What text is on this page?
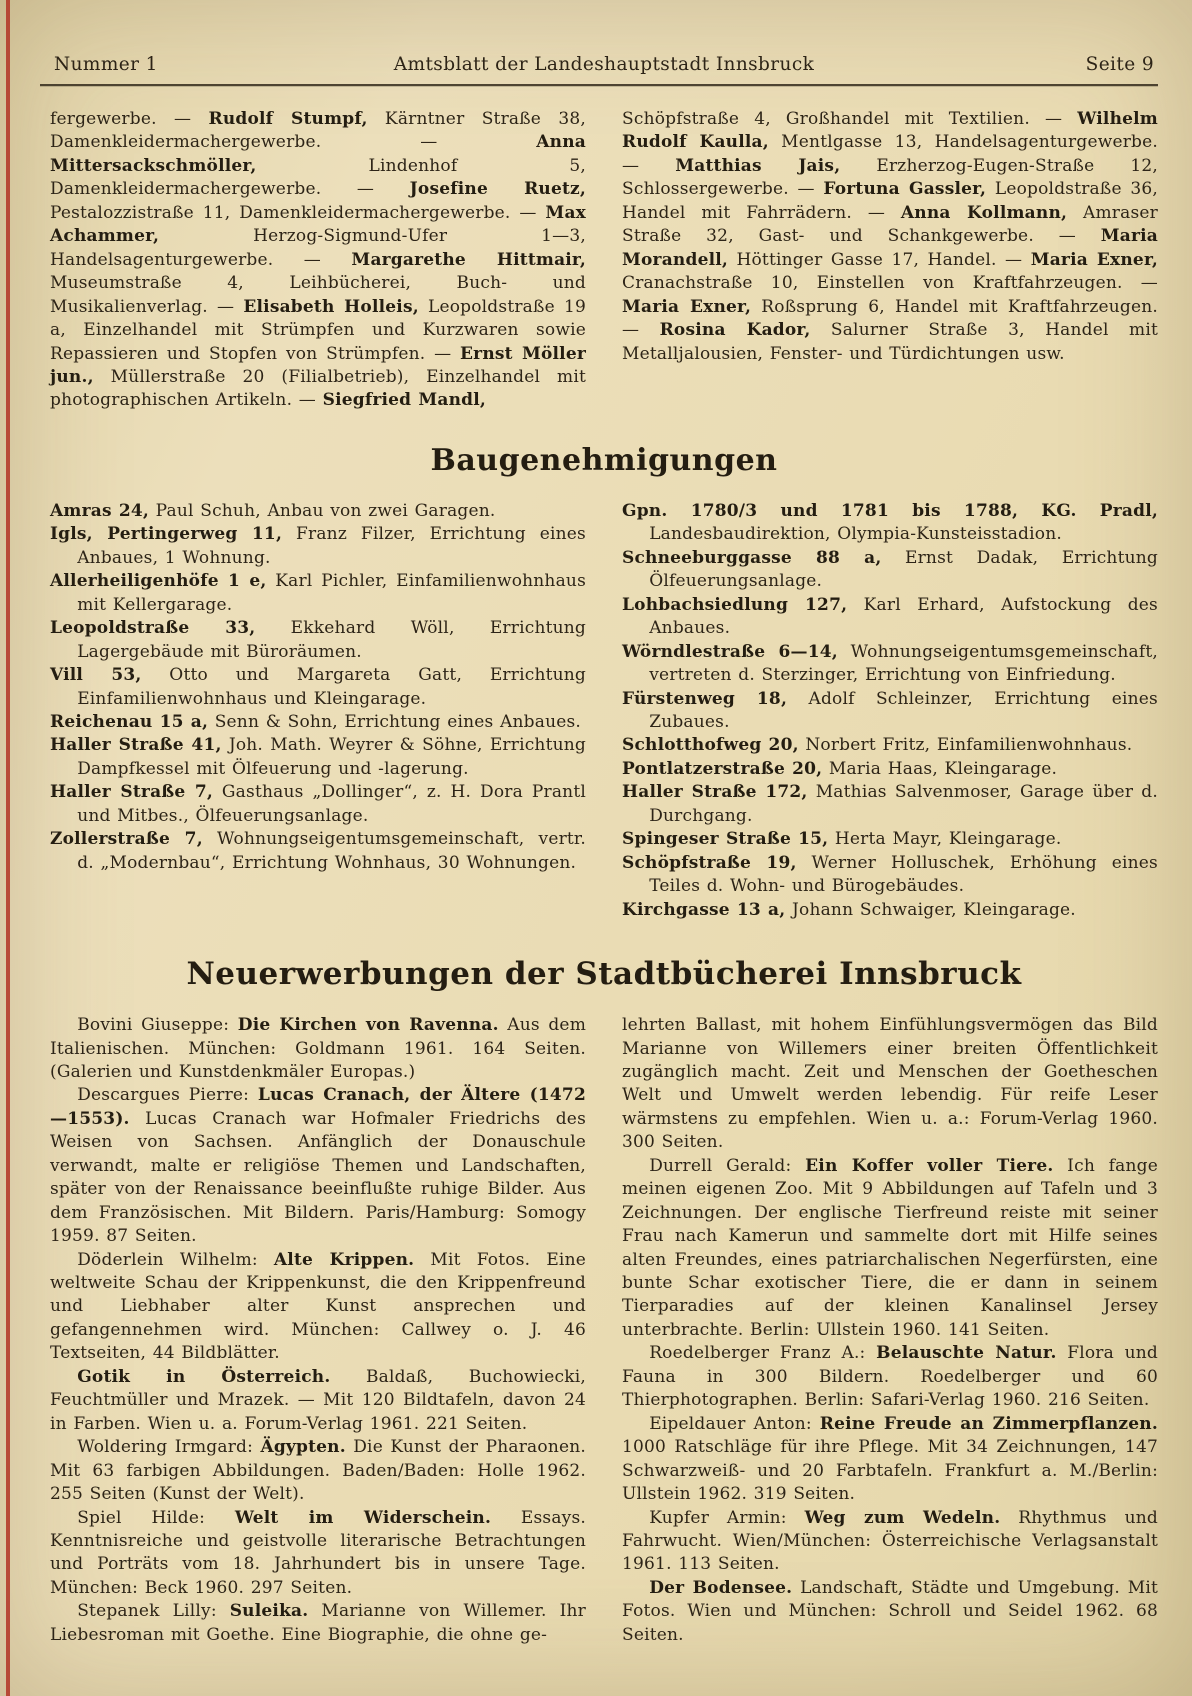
Nummer 1	Amtsblatt der Landeshauptstadt Innsbruck	Seite 9

fergewerbe. — Rudolf Stumpf, Kärntner Straße 38, Damenkleidermachergewerbe. — Anna Mittersackschmöller, Lindenhof 5, Damenkleidermachergewerbe. — Josefine Ruetz, Pestalozzistraße 11, Damenkleidermachergewerbe. — Max Achammer, Herzog-Sigmund-Ufer 1—3, Handelsagenturgewerbe. — Margarethe Hittmair, Museumstraße 4, Leihbücherei, Buch- und Musikalienverlag. — Elisabeth Holleis, Leopoldstraße 19 a, Einzelhandel mit Strümpfen und Kurzwaren sowie Repassieren und Stopfen von Strümpfen. — Ernst Möller jun., Müllerstraße 20 (Filialbetrieb), Einzelhandel mit photographischen Artikeln. — Siegfried Mandl,

Schöpfstraße 4, Großhandel mit Textilien. — Wilhelm Rudolf Kaulla, Mentlgasse 13, Handelsagenturgewerbe. — Matthias Jais, Erzherzog-Eugen-Straße 12, Schlossergewerbe. — Fortuna Gassler, Leopoldstraße 36, Handel mit Fahrrädern. — Anna Kollmann, Amraser Straße 32, Gast- und Schankgewerbe. — Maria Morandell, Höttinger Gasse 17, Handel. — Maria Exner, Cranachstraße 10, Einstellen von Kraftfahrzeugen. — Maria Exner, Roßsprung 6, Handel mit Kraftfahrzeugen. — Rosina Kador, Salurner Straße 3, Handel mit Metalljalousien, Fenster- und Türdichtungen usw.

Baugenehmigungen

Amras 24, Paul Schuh, Anbau von zwei Garagen.

Igls, Pertingerweg 11, Franz Filzer, Errichtung eines Anbaues, 1 Wohnung.

Allerheiligenhöfe 1 e, Karl Pichler, Einfamilienwohnhaus mit Kellergarage.

Leopoldstraße 33, Ekkehard Wöll, Errichtung Lagergebäude mit Büroräumen.

Vill 53, Otto und Margareta Gatt, Errichtung Einfamilienwohnhaus und Kleingarage.

Reichenau 15 a, Senn & Sohn, Errichtung eines Anbaues.

Haller Straße 41, Joh. Math. Weyrer & Söhne, Errichtung Dampfkessel mit Ölfeuerung und -lagerung.

Haller Straße 7, Gasthaus „Dollinger“, z. H. Dora Prantl und Mitbes., Ölfeuerungsanlage.

Zollerstraße 7, Wohnungseigentumsgemeinschaft, vertr. d. „Modernbau“, Errichtung Wohnhaus, 30 Wohnungen.

Gpn. 1780/3 und 1781 bis 1788, KG. Pradl, Landesbaudirektion, Olympia-Kunsteisstadion.

Schneeburggasse 88 a, Ernst Dadak, Errichtung Ölfeuerungsanlage.

Lohbachsiedlung 127, Karl Erhard, Aufstockung des Anbaues.

Wörndlestraße 6—14, Wohnungseigentumsgemeinschaft, vertreten d. Sterzinger, Errichtung von Einfriedung.

Fürstenweg 18, Adolf Schleinzer, Errichtung eines Zubaues.

Schlotthofweg 20, Norbert Fritz, Einfamilienwohnhaus.

Pontlatzerstraße 20, Maria Haas, Kleingarage.

Haller Straße 172, Mathias Salvenmoser, Garage über d. Durchgang.

Spingeser Straße 15, Herta Mayr, Kleingarage.

Schöpfstraße 19, Werner Holluschek, Erhöhung eines Teiles d. Wohn- und Bürogebäudes.

Kirchgasse 13 a, Johann Schwaiger, Kleingarage.

Neuerwerbungen der Stadtbücherei Innsbruck

Bovini Giuseppe: Die Kirchen von Ravenna. Aus dem Italienischen. München: Goldmann 1961. 164 Seiten. (Galerien und Kunstdenkmäler Europas.)

Descargues Pierre: Lucas Cranach, der Ältere (1472—1553). Lucas Cranach war Hofmaler Friedrichs des Weisen von Sachsen. Anfänglich der Donauschule verwandt, malte er religiöse Themen und Landschaften, später von der Renaissance beeinflußte ruhige Bilder. Aus dem Französischen. Mit Bildern. Paris/Hamburg: Somogy 1959. 87 Seiten.

Döderlein Wilhelm: Alte Krippen. Mit Fotos. Eine weltweite Schau der Krippenkunst, die den Krippenfreund und Liebhaber alter Kunst ansprechen und gefangennehmen wird. München: Callwey o. J. 46 Textseiten, 44 Bildblätter.

Gotik in Österreich. Baldaß, Buchowiecki, Feuchtmüller und Mrazek. — Mit 120 Bildtafeln, davon 24 in Farben. Wien u. a. Forum-Verlag 1961. 221 Seiten.

Woldering Irmgard: Ägypten. Die Kunst der Pharaonen. Mit 63 farbigen Abbildungen. Baden/Baden: Holle 1962. 255 Seiten (Kunst der Welt).

Spiel Hilde: Welt im Widerschein. Essays. Kenntnisreiche und geistvolle literarische Betrachtungen und Porträts vom 18. Jahrhundert bis in unsere Tage. München: Beck 1960. 297 Seiten.

Stepanek Lilly: Suleika. Marianne von Willemer. Ihr Liebesroman mit Goethe. Eine Biographie, die ohne ge-

lehrten Ballast, mit hohem Einfühlungsvermögen das Bild Marianne von Willemers einer breiten Öffentlichkeit zugänglich macht. Zeit und Menschen der Goetheschen Welt und Umwelt werden lebendig. Für reife Leser wärmstens zu empfehlen. Wien u. a.: Forum-Verlag 1960. 300 Seiten.

Durrell Gerald: Ein Koffer voller Tiere. Ich fange meinen eigenen Zoo. Mit 9 Abbildungen auf Tafeln und 3 Zeichnungen. Der englische Tierfreund reiste mit seiner Frau nach Kamerun und sammelte dort mit Hilfe seines alten Freundes, eines patriarchalischen Negerfürsten, eine bunte Schar exotischer Tiere, die er dann in seinem Tierparadies auf der kleinen Kanalinsel Jersey unterbrachte. Berlin: Ullstein 1960. 141 Seiten.

Roedelberger Franz A.: Belauschte Natur. Flora und Fauna in 300 Bildern. Roedelberger und 60 Thierphotographen. Berlin: Safari-Verlag 1960. 216 Seiten.

Eipeldauer Anton: Reine Freude an Zimmerpflanzen. 1000 Ratschläge für ihre Pflege. Mit 34 Zeichnungen, 147 Schwarzweiß- und 20 Farbtafeln. Frankfurt a. M./Berlin: Ullstein 1962. 319 Seiten.

Kupfer Armin: Weg zum Wedeln. Rhythmus und Fahrwucht. Wien/München: Österreichische Verlagsanstalt 1961. 113 Seiten.

Der Bodensee. Landschaft, Städte und Umgebung. Mit Fotos. Wien und München: Schroll und Seidel 1962. 68 Seiten.
